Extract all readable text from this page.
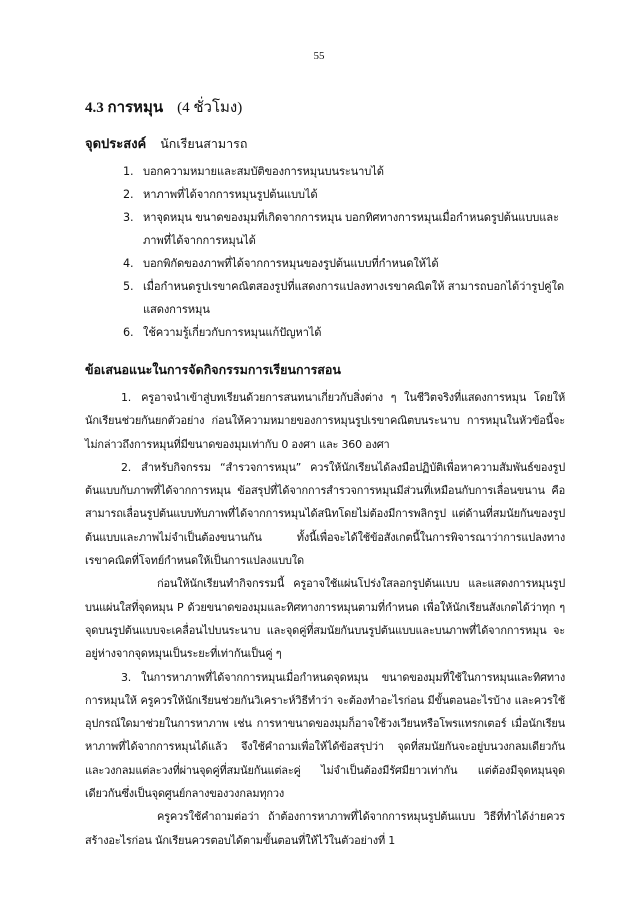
55
4.3 การหมุน (4 ชั่วโมง)
จุดประสงค์ นักเรียนสามารถ
1. บอกความหมายและสมบัติของการหมุนบนระนาบได้
2. หาภาพที่ได้จากการหมุนรูปต้นแบบได้
3. หาจุดหมุน ขนาดของมุมที่เกิดจากการหมุน บอกทิศทางการหมุนเมื่อกำหนดรูปต้นแบบและภาพที่ได้จากการหมุนได้
4. บอกพิกัดของภาพที่ได้จากการหมุนของรูปต้นแบบที่กำหนดให้ได้
5. เมื่อกำหนดรูปเรขาคณิตสองรูปที่แสดงการแปลงทางเรขาคณิตให้ สามารถบอกได้ว่ารูปคู่ใดแสดงการหมุน
6. ใช้ความรู้เกี่ยวกับการหมุนแก้ปัญหาได้
ข้อเสนอแนะในการจัดกิจกรรมการเรียนการสอน

1. ครูอาจนำเข้าสู่บทเรียนด้วยการสนทนาเกี่ยวกับสิ่งต่าง ๆ ในชีวิตจริงที่แสดงการหมุน โดยให้นักเรียนช่วยกันยกตัวอย่าง ก่อนให้ความหมายของการหมุนรูปเรขาคณิตบนระนาบ การหมุนในหัวข้อนี้จะไม่กล่าวถึงการหมุนที่มีขนาดของมุมเท่ากับ 0 องศา และ 360 องศา

2. สำหรับกิจกรรม “สำรวจการหมุน” ควรให้นักเรียนได้ลงมือปฏิบัติเพื่อหาความสัมพันธ์ของรูปต้นแบบกับภาพที่ได้จากการหมุน ข้อสรุปที่ได้จากการสำรวจการหมุนมีส่วนที่เหมือนกับการเลื่อนขนาน คือสามารถเลื่อนรูปต้นแบบทับภาพที่ได้จากการหมุนได้สนิทโดยไม่ต้องมีการพลิกรูป แต่ด้านที่สมนัยกันของรูปต้นแบบและภาพไม่จำเป็นต้องขนานกัน ทั้งนี้เพื่อจะได้ใช้ข้อสังเกตนี้ในการพิจารณาว่าการแปลงทางเรขาคณิตที่โจทย์กำหนดให้เป็นการแปลงแบบใด

ก่อนให้นักเรียนทำกิจกรรมนี้ ครูอาจใช้แผ่นโปร่งใสลอกรูปต้นแบบ และแสดงการหมุนรูปบนแผ่นใสที่จุดหมุน P ด้วยขนาดของมุมและทิศทางการหมุนตามที่กำหนด เพื่อให้นักเรียนสังเกตได้ว่าทุก ๆ จุดบนรูปต้นแบบจะเคลื่อนไปบนระนาบ และจุดคู่ที่สมนัยกันบนรูปต้นแบบและบนภาพที่ได้จากการหมุน จะอยู่ห่างจากจุดหมุนเป็นระยะที่เท่ากันเป็นคู่ ๆ

3. ในการหาภาพที่ได้จากการหมุนเมื่อกำหนดจุดหมุน ขนาดของมุมที่ใช้ในการหมุนและทิศทางการหมุนให้ ครูควรให้นักเรียนช่วยกันวิเคราะห์วิธีทำว่า จะต้องทำอะไรก่อน มีขั้นตอนอะไรบ้าง และควรใช้อุปกรณ์ใดมาช่วยในการหาภาพ เช่น การหาขนาดของมุมก็อาจใช้วงเวียนหรือโพรแทรกเตอร์ เมื่อนักเรียนหาภาพที่ได้จากการหมุนได้แล้ว จึงใช้คำถามเพื่อให้ได้ข้อสรุปว่า จุดที่สมนัยกันจะอยู่บนวงกลมเดียวกัน และวงกลมแต่ละวงที่ผ่านจุดคู่ที่สมนัยกันแต่ละคู่ ไม่จำเป็นต้องมีรัศมียาวเท่ากัน แต่ต้องมีจุดหมุนจุดเดียวกันซึ่งเป็นจุดศูนย์กลางของวงกลมทุกวง

ครูควรใช้คำถามต่อว่า ถ้าต้องการหาภาพที่ได้จากการหมุนรูปต้นแบบ วิธีที่ทำได้ง่ายควรสร้างอะไรก่อน นักเรียนควรตอบได้ตามขั้นตอนที่ให้ไว้ในตัวอย่างที่ 1
